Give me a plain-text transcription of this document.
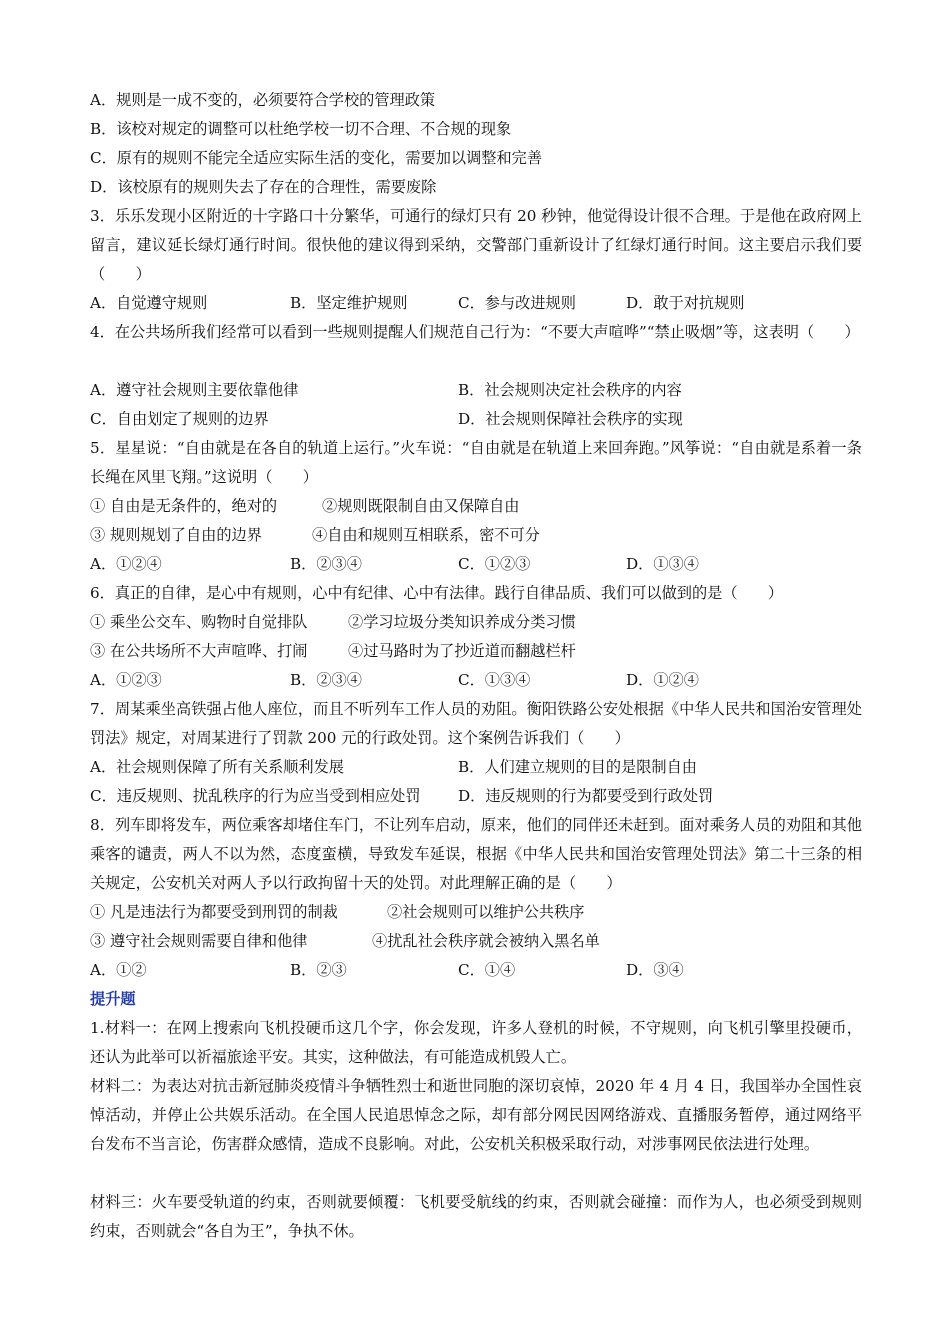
A．规则是一成不变的，必须要符合学校的管理政策
B．该校对规定的调整可以杜绝学校一切不合理、不合规的现象
C．原有的规则不能完全适应实际生活的变化，需要加以调整和完善
D．该校原有的规则失去了存在的合理性，需要废除
3．乐乐发现小区附近的十字路口十分繁华，可通行的绿灯只有 20 秒钟，他觉得设计很不合理。于是他在政府网上留言，建议延长绿灯通行时间。很快他的建议得到采纳，交警部门重新设计了红绿灯通行时间。这主要启示我们要（　　）
A．自觉遵守规则	B．坚定维护规则	C．参与改进规则	D．敢于对抗规则
4．在公共场所我们经常可以看到一些规则提醒人们规范自己行为：“不要大声喧哗”“禁止吸烟”等，这表明（　　）
A．遵守社会规则主要依靠他律	B．社会规则决定社会秩序的内容
C．自由划定了规则的边界	D．社会规则保障社会秩序的实现
5．星星说：“自由就是在各自的轨道上运行。”火车说：“自由就是在轨道上来回奔跑。”风筝说：“自由就是系着一条长绳在风里飞翔。”这说明（　　）
① 自由是无条件的，绝对的	②规则既限制自由又保障自由
③ 规则规划了自由的边界	④自由和规则互相联系，密不可分
A．①②④	B．②③④	C．①②③	D．①③④
6．真正的自律，是心中有规则，心中有纪律、心中有法律。践行自律品质、我们可以做到的是（　　）
① 乘坐公交车、购物时自觉排队	②学习垃圾分类知识养成分类习惯
③ 在公共场所不大声喧哗、打闹	④过马路时为了抄近道而翻越栏杆
A．①②③	B．②③④	C．①③④	D．①②④
7．周某乘坐高铁强占他人座位，而且不听列车工作人员的劝阻。衡阳铁路公安处根据《中华人民共和国治安管理处罚法》规定，对周某进行了罚款 200 元的行政处罚。这个案例告诉我们（　　）
A．社会规则保障了所有关系顺利发展	B．人们建立规则的目的是限制自由
C．违反规则、扰乱秩序的行为应当受到相应处罚	D．违反规则的行为都要受到行政处罚
8．列车即将发车，两位乘客却堵住车门，不让列车启动，原来，他们的同伴还未赶到。面对乘务人员的劝阻和其他乘客的谴责，两人不以为然，态度蛮横，导致发车延误，根据《中华人民共和国治安管理处罚法》第二十三条的相关规定，公安机关对两人予以行政拘留十天的处罚。对此理解正确的是（　　）
① 凡是违法行为都要受到刑罚的制裁	②社会规则可以维护公共秩序
③ 遵守社会规则需要自律和他律	④扰乱社会秩序就会被纳入黑名单
A．①②	B．②③	C．①④	D．③④
提升题
1.材料一：在网上搜索向飞机投硬币这几个字，你会发现，许多人登机的时候，不守规则，向飞机引擎里投硬币，还认为此举可以祈福旅途平安。其实，这种做法，有可能造成机毁人亡。
材料二：为表达对抗击新冠肺炎疫情斗争牺牲烈士和逝世同胞的深切哀悼，2020 年 4 月 4 日，我国举办全国性哀悼活动，并停止公共娱乐活动。在全国人民追思悼念之际，却有部分网民因网络游戏、直播服务暂停，通过网络平台发布不当言论，伤害群众感情，造成不良影响。对此，公安机关积极采取行动，对涉事网民依法进行处理。
材料三：火车要受轨道的约束，否则就要倾覆：飞机要受航线的约束，否则就会碰撞：而作为人，也必须受到规则约束，否则就会“各自为王”，争执不休。
